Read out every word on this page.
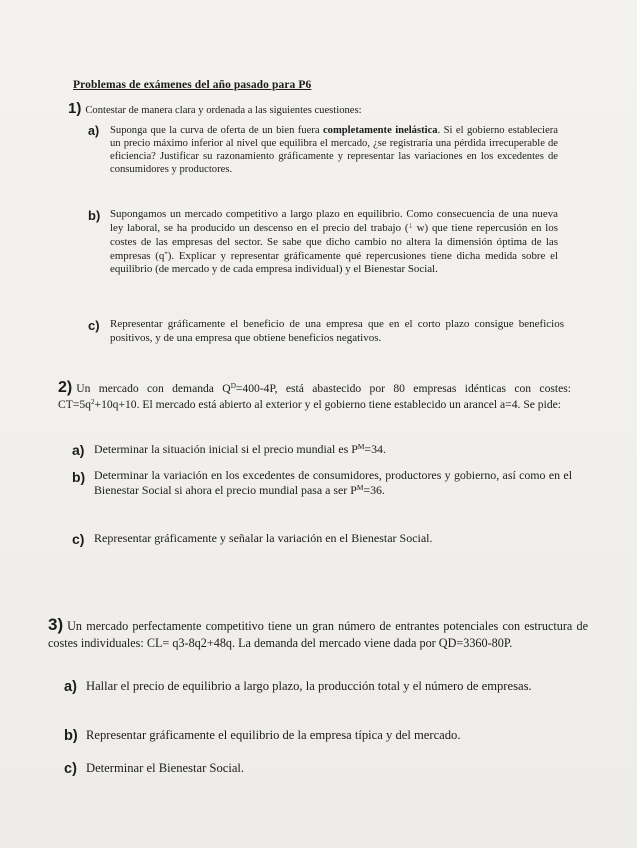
Problemas de exámenes del año pasado para P6
1) Contestar de manera clara y ordenada a las siguientes cuestiones:
a) Suponga que la curva de oferta de un bien fuera completamente inelástica. Si el gobierno estableciera un precio máximo inferior al nivel que equilibra el mercado, ¿se registraría una pérdida irrecuperable de eficiencia? Justificar su razonamiento gráficamente y representar las variaciones en los excedentes de consumidores y productores.
b) Supongamos un mercado competitivo a largo plazo en equilibrio. Como consecuencia de una nueva ley laboral, se ha producido un descenso en el precio del trabajo (↓ w) que tiene repercusión en los costes de las empresas del sector. Se sabe que dicho cambio no altera la dimensión óptima de las empresas (q*). Explicar y representar gráficamente qué repercusiones tiene dicha medida sobre el equilibrio (de mercado y de cada empresa individual) y el Bienestar Social.
c) Representar gráficamente el beneficio de una empresa que en el corto plazo consigue beneficios positivos, y de una empresa que obtiene beneficios negativos.
2) Un mercado con demanda $Q^D=400-4P$, está abastecido por 80 empresas idénticas con costes: $CT=5q^2+10q+10$. El mercado está abierto al exterior y el gobierno tiene establecido un arancel a=4. Se pide:
a) Determinar la situación inicial si el precio mundial es $P^M=34$.
b) Determinar la variación en los excedentes de consumidores, productores y gobierno, así como en el Bienestar Social si ahora el precio mundial pasa a ser $P^M=36$.
c) Representar gráficamente y señalar la variación en el Bienestar Social.
3) Un mercado perfectamente competitivo tiene un gran número de entrantes potenciales con estructura de costes individuales: CL= q3-8q2+48q. La demanda del mercado viene dada por QD=3360-80P.
a) Hallar el precio de equilibrio a largo plazo, la producción total y el número de empresas.
b) Representar gráficamente el equilibrio de la empresa típica y del mercado.
c) Determinar el Bienestar Social.
